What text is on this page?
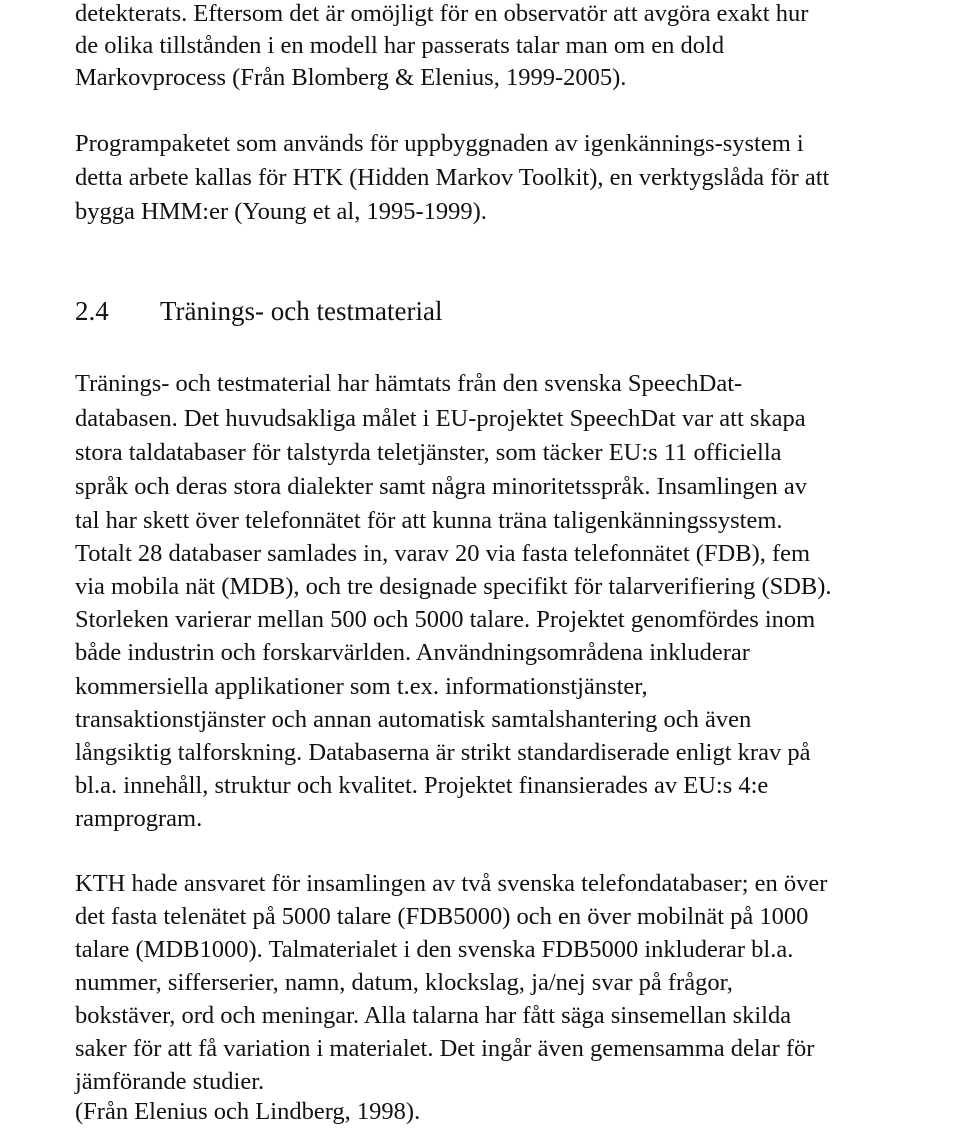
detekterats. Eftersom det är omöjligt för en observatör att avgöra exakt hur

de olika tillstånden i en modell har passerats talar man om en dold

Markovprocess (Från Blomberg & Elenius, 1999-2005).

Programpaketet som används för uppbyggnaden av igenkännings-system i

detta arbete kallas för HTK (Hidden Markov Toolkit), en verktygslåda för att

bygga HMM:er (Young et al, 1995-1999).

2.4 Tränings- och testmaterial

Tränings- och testmaterial har hämtats från den svenska SpeechDat-

databasen. Det huvudsakliga målet i EU-projektet SpeechDat var att skapa

stora taldatabaser för talstyrda teletjänster, som täcker EU:s 11 officiella

språk och deras stora dialekter samt några minoritetsspråk. Insamlingen av

tal har skett över telefonnätet för att kunna träna taligenkänningssystem.

Totalt 28 databaser samlades in, varav 20 via fasta telefonnätet (FDB), fem

via mobila nät (MDB), och tre designade specifikt för talarverifiering (SDB).

Storleken varierar mellan 500 och 5000 talare. Projektet genomfördes inom

både industrin och forskarvärlden. Användningsområdena inkluderar

kommersiella applikationer som t.ex. informationstjänster,

transaktionstjänster och annan automatisk samtalshantering och även

långsiktig talforskning. Databaserna är strikt standardiserade enligt krav på

bl.a. innehåll, struktur och kvalitet. Projektet finansierades av EU:s 4:e

ramprogram.

KTH hade ansvaret för insamlingen av två svenska telefondatabaser; en över

det fasta telenätet på 5000 talare (FDB5000) och en över mobilnät på 1000

talare (MDB1000). Talmaterialet i den svenska FDB5000 inkluderar bl.a.

nummer, sifferserier, namn, datum, klockslag, ja/nej svar på frågor,

bokstäver, ord och meningar. Alla talarna har fått säga sinsemellan skilda

saker för att få variation i materialet. Det ingår även gemensamma delar för

jämförande studier.

(Från Elenius och Lindberg, 1998).
